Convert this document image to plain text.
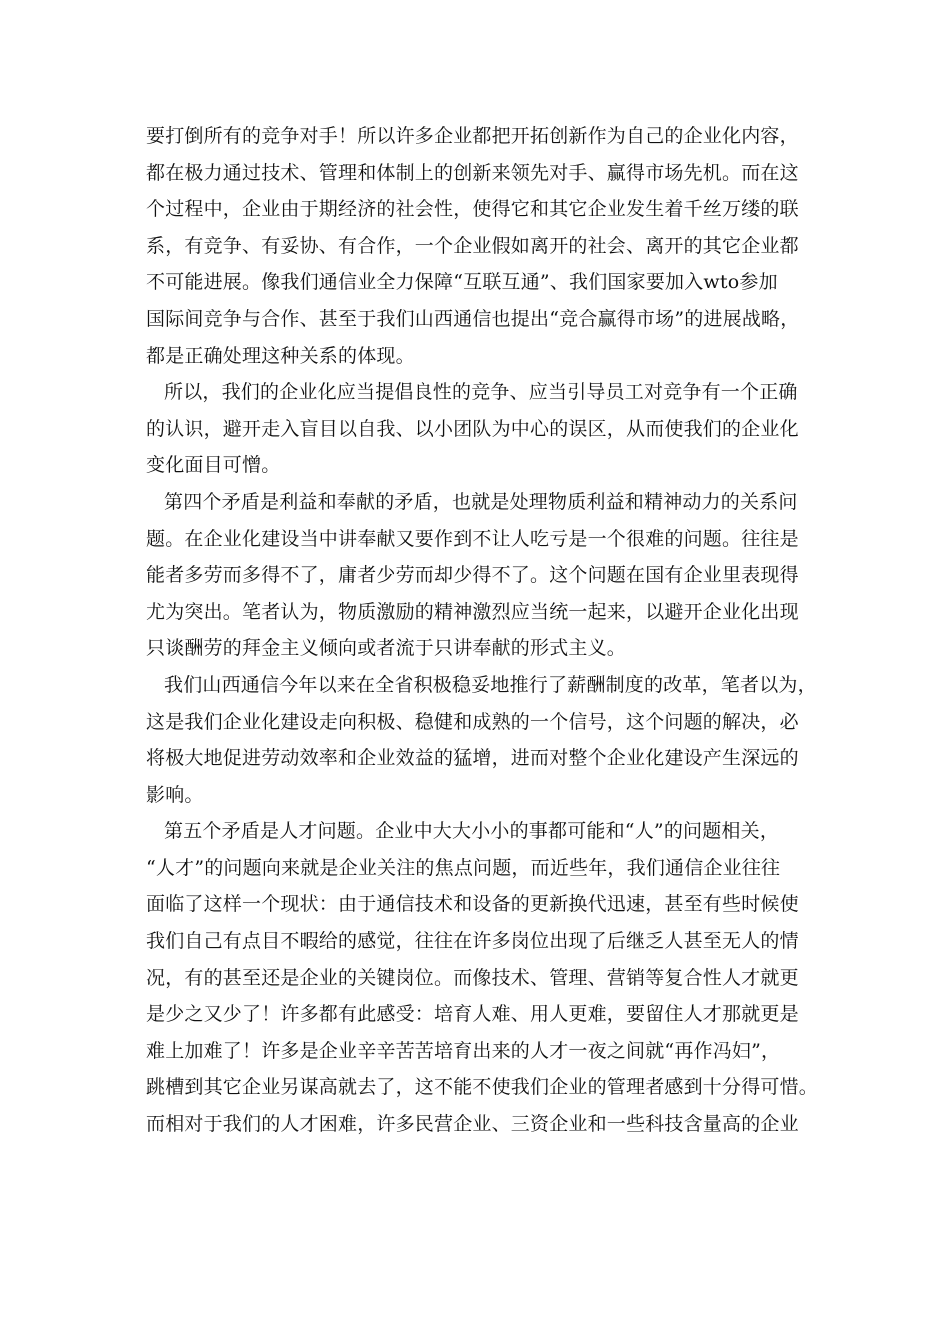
要打倒所有的竞争对手！所以许多企业都把开拓创新作为自己的企业化内容，
都在极力通过技术、管理和体制上的创新来领先对手、赢得市场先机。而在这
个过程中，企业由于期经济的社会性，使得它和其它企业发生着千丝万缕的联
系，有竞争、有妥协、有合作，一个企业假如离开的社会、离开的其它企业都
不可能进展。像我们通信业全力保障“互联互通”、我们国家要加入wto参加
国际间竞争与合作、甚至于我们山西通信也提出“竞合赢得市场”的进展战略，
都是正确处理这种关系的体现。
所以，我们的企业化应当提倡良性的竞争、应当引导员工对竞争有一个正确
的认识，避开走入盲目以自我、以小团队为中心的误区，从而使我们的企业化
变化面目可憎。
第四个矛盾是利益和奉献的矛盾，也就是处理物质利益和精神动力的关系问
题。在企业化建设当中讲奉献又要作到不让人吃亏是一个很难的问题。往往是
能者多劳而多得不了，庸者少劳而却少得不了。这个问题在国有企业里表现得
尤为突出。笔者认为，物质激励的精神激烈应当统一起来，以避开企业化出现
只谈酬劳的拜金主义倾向或者流于只讲奉献的形式主义。
我们山西通信今年以来在全省积极稳妥地推行了薪酬制度的改革，笔者以为，
这是我们企业化建设走向积极、稳健和成熟的一个信号，这个问题的解决，必
将极大地促进劳动效率和企业效益的猛增，进而对整个企业化建设产生深远的
影响。
第五个矛盾是人才问题。企业中大大小小的事都可能和“人”的问题相关，
“人才”的问题向来就是企业关注的焦点问题，而近些年，我们通信企业往往
面临了这样一个现状：由于通信技术和设备的更新换代迅速，甚至有些时候使
我们自己有点目不暇给的感觉，往往在许多岗位出现了后继乏人甚至无人的情
况，有的甚至还是企业的关键岗位。而像技术、管理、营销等复合性人才就更
是少之又少了！许多都有此感受：培育人难、用人更难，要留住人才那就更是
难上加难了！许多是企业辛辛苦苦培育出来的人才一夜之间就“再作冯妇”，
跳槽到其它企业另谋高就去了，这不能不使我们企业的管理者感到十分得可惜。
而相对于我们的人才困难，许多民营企业、三资企业和一些科技含量高的企业
